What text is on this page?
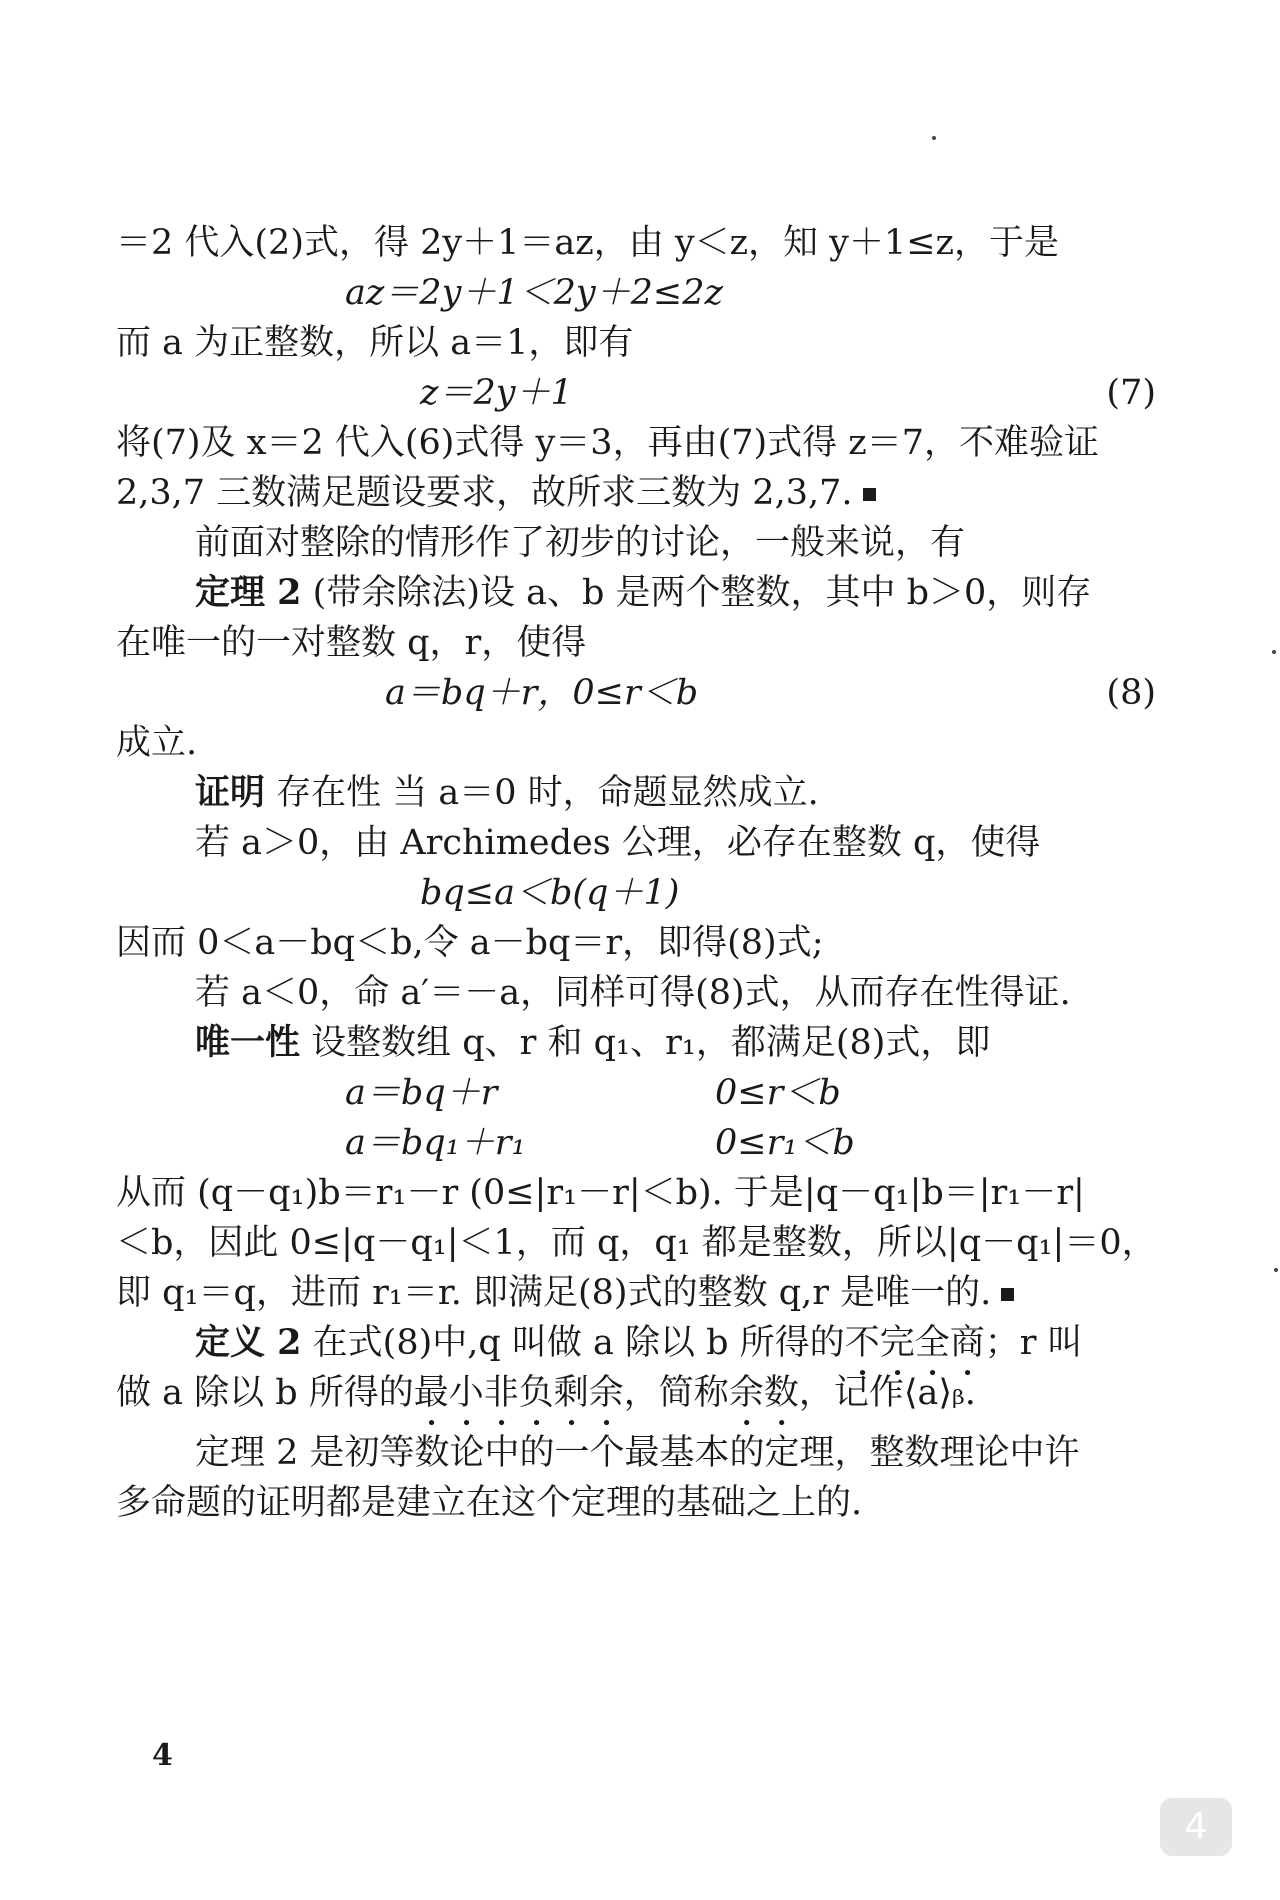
＝2 代入(2)式，得 2y＋1＝az，由 y＜z，知 y＋1≤z，于是
az＝2y＋1＜2y＋2≤2z
而 a 为正整数，所以 a＝1，即有
z＝2y＋1	(7)
将(7)及 x＝2 代入(6)式得 y＝3，再由(7)式得 z＝7，不难验证
2,3,7 三数满足题设要求，故所求三数为 2,3,7.
前面对整除的情形作了初步的讨论，一般来说，有
定理 2 (带余除法)设 a、b 是两个整数，其中 b＞0，则存
在唯一的一对整数 q，r，使得
a＝bq＋r，0≤r＜b	(8)
成立.
证明 存在性 当 a＝0 时，命题显然成立.
若 a＞0，由 Archimedes 公理，必存在整数 q，使得
bq≤a＜b(q＋1)
因而 0＜a－bq＜b,令 a－bq＝r，即得(8)式;
若 a＜0，命 a′＝－a，同样可得(8)式，从而存在性得证.
唯一性 设整数组 q、r 和 q₁、r₁，都满足(8)式，即
a＝bq＋r	0≤r＜b
a＝bq₁＋r₁	0≤r₁＜b
从而 (q－q₁)b＝r₁－r (0≤|r₁－r|＜b). 于是|q－q₁|b＝|r₁－r|
＜b，因此 0≤|q－q₁|＜1，而 q，q₁ 都是整数，所以|q－q₁|＝0，
即 q₁＝q，进而 r₁＝r. 即满足(8)式的整数 q,r 是唯一的.
定义 2 在式(8)中,q 叫做 a 除以 b 所得的不完全商；r 叫
做 a 除以 b 所得的最小非负剩余，简称余数，记作⟨a⟩ᵦ.
定理 2 是初等数论中的一个最基本的定理，整数理论中许
多命题的证明都是建立在这个定理的基础之上的.
4
4
